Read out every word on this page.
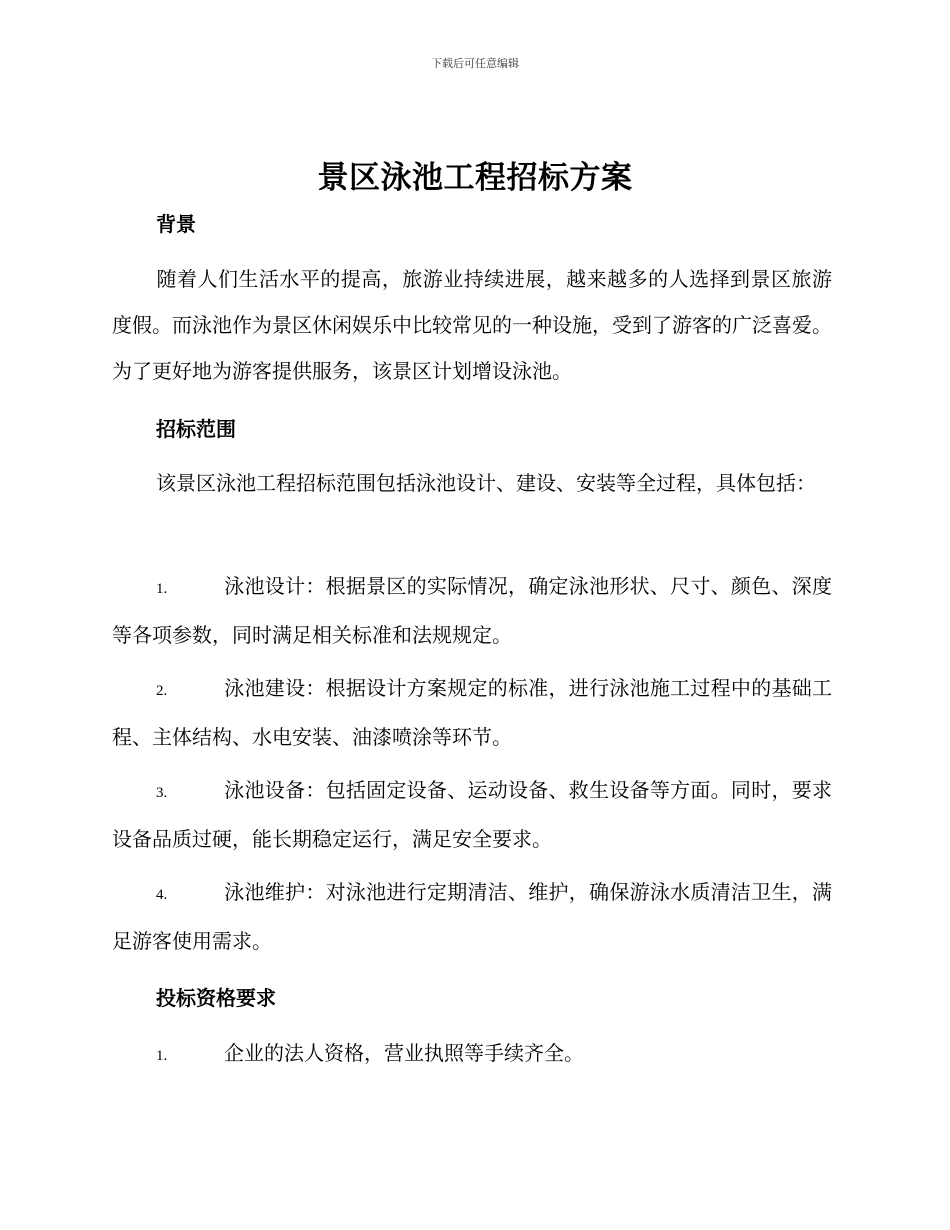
下载后可任意编辑
景区泳池工程招标方案
背景
随着人们生活水平的提高，旅游业持续进展，越来越多的人选择到景区旅游度假。而泳池作为景区休闲娱乐中比较常见的一种设施，受到了游客的广泛喜爱。为了更好地为游客提供服务，该景区计划增设泳池。
招标范围
该景区泳池工程招标范围包括泳池设计、建设、安装等全过程，具体包括：
1.	泳池设计：根据景区的实际情况，确定泳池形状、尺寸、颜色、深度等各项参数，同时满足相关标准和法规规定。
2.	泳池建设：根据设计方案规定的标准，进行泳池施工过程中的基础工程、主体结构、水电安装、油漆喷涂等环节。
3.	泳池设备：包括固定设备、运动设备、救生设备等方面。同时，要求设备品质过硬，能长期稳定运行，满足安全要求。
4.	泳池维护：对泳池进行定期清洁、维护，确保游泳水质清洁卫生，满足游客使用需求。
投标资格要求
1.	企业的法人资格，营业执照等手续齐全。
